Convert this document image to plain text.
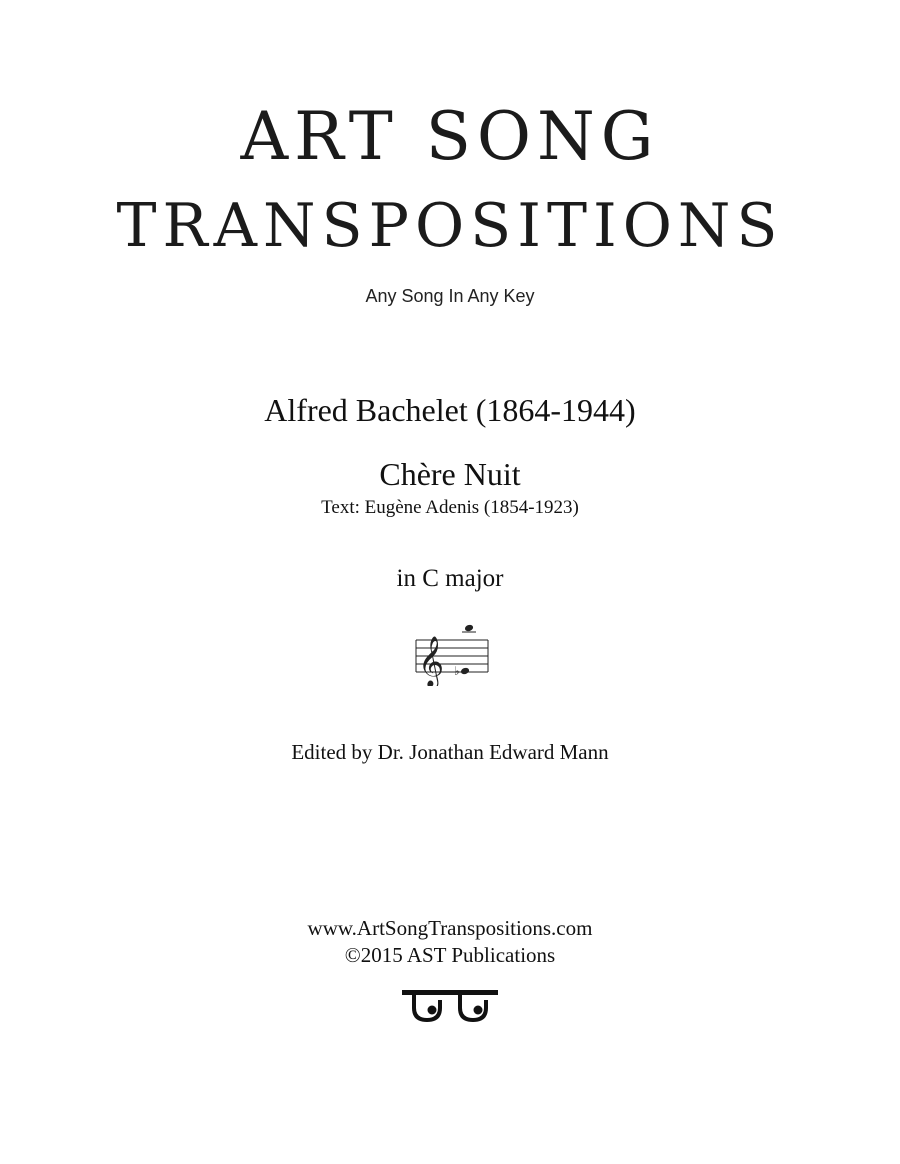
ART SONG
TRANSPOSITIONS
Any Song In Any Key
Alfred Bachelet (1864-1944)
Chère Nuit
Text: Eugène Adenis (1854-1923)
in C major
𝄞 ♭
Edited by Dr. Jonathan Edward Mann
www.ArtSongTranspositions.com
©2015 AST Publications
